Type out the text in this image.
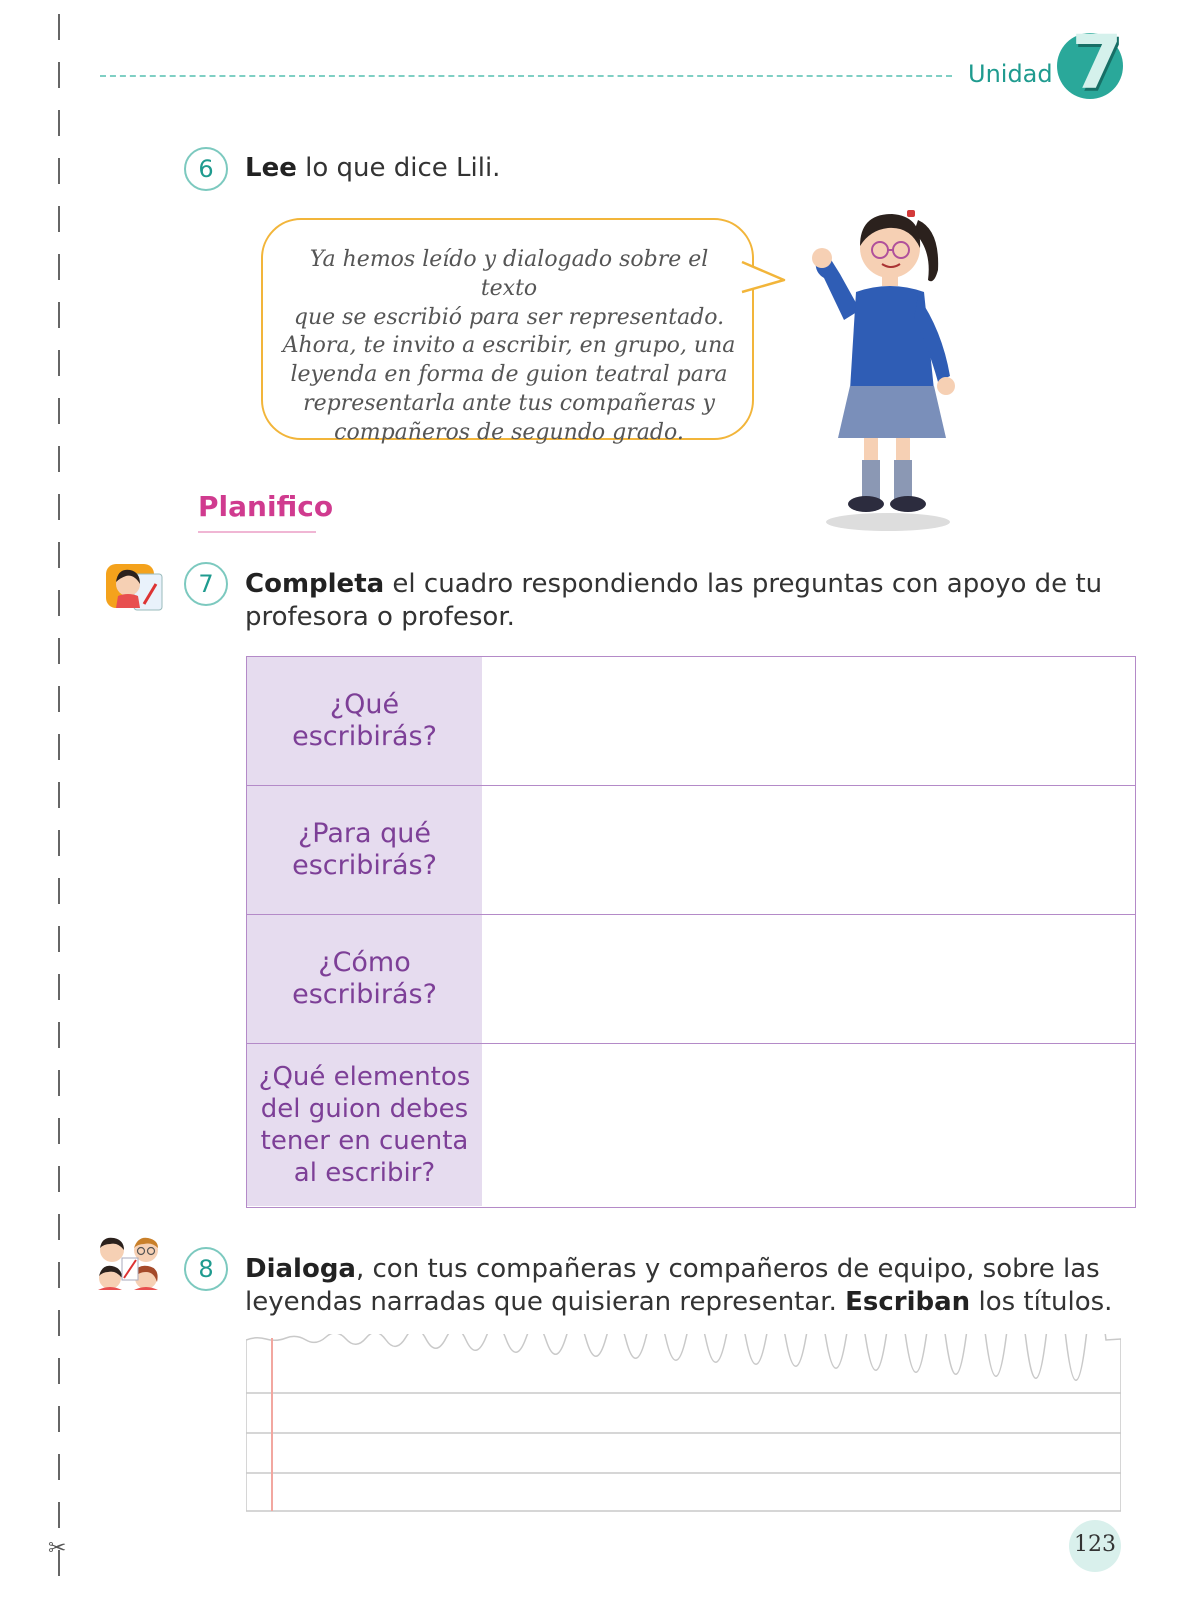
✂
Unidad 7
6	Lee lo que dice Lili.
Ya hemos leído y dialogado sobre el texto
que se escribió para ser representado.
Ahora, te invito a escribir, en grupo, una
leyenda en forma de guion teatral para
representarla ante tus compañeras y
compañeros de segundo grado.
Planifico
7	Completa el cuadro respondiendo las preguntas con apoyo de tu
profesora o profesor.
¿Qué
escribirás?
¿Para qué
escribirás?
¿Cómo
escribirás?
¿Qué elementos
del guion debes
tener en cuenta
al escribir?
8	Dialoga, con tus compañeras y compañeros de equipo, sobre las
leyendas narradas que quisieran representar. Escriban los títulos.
123
